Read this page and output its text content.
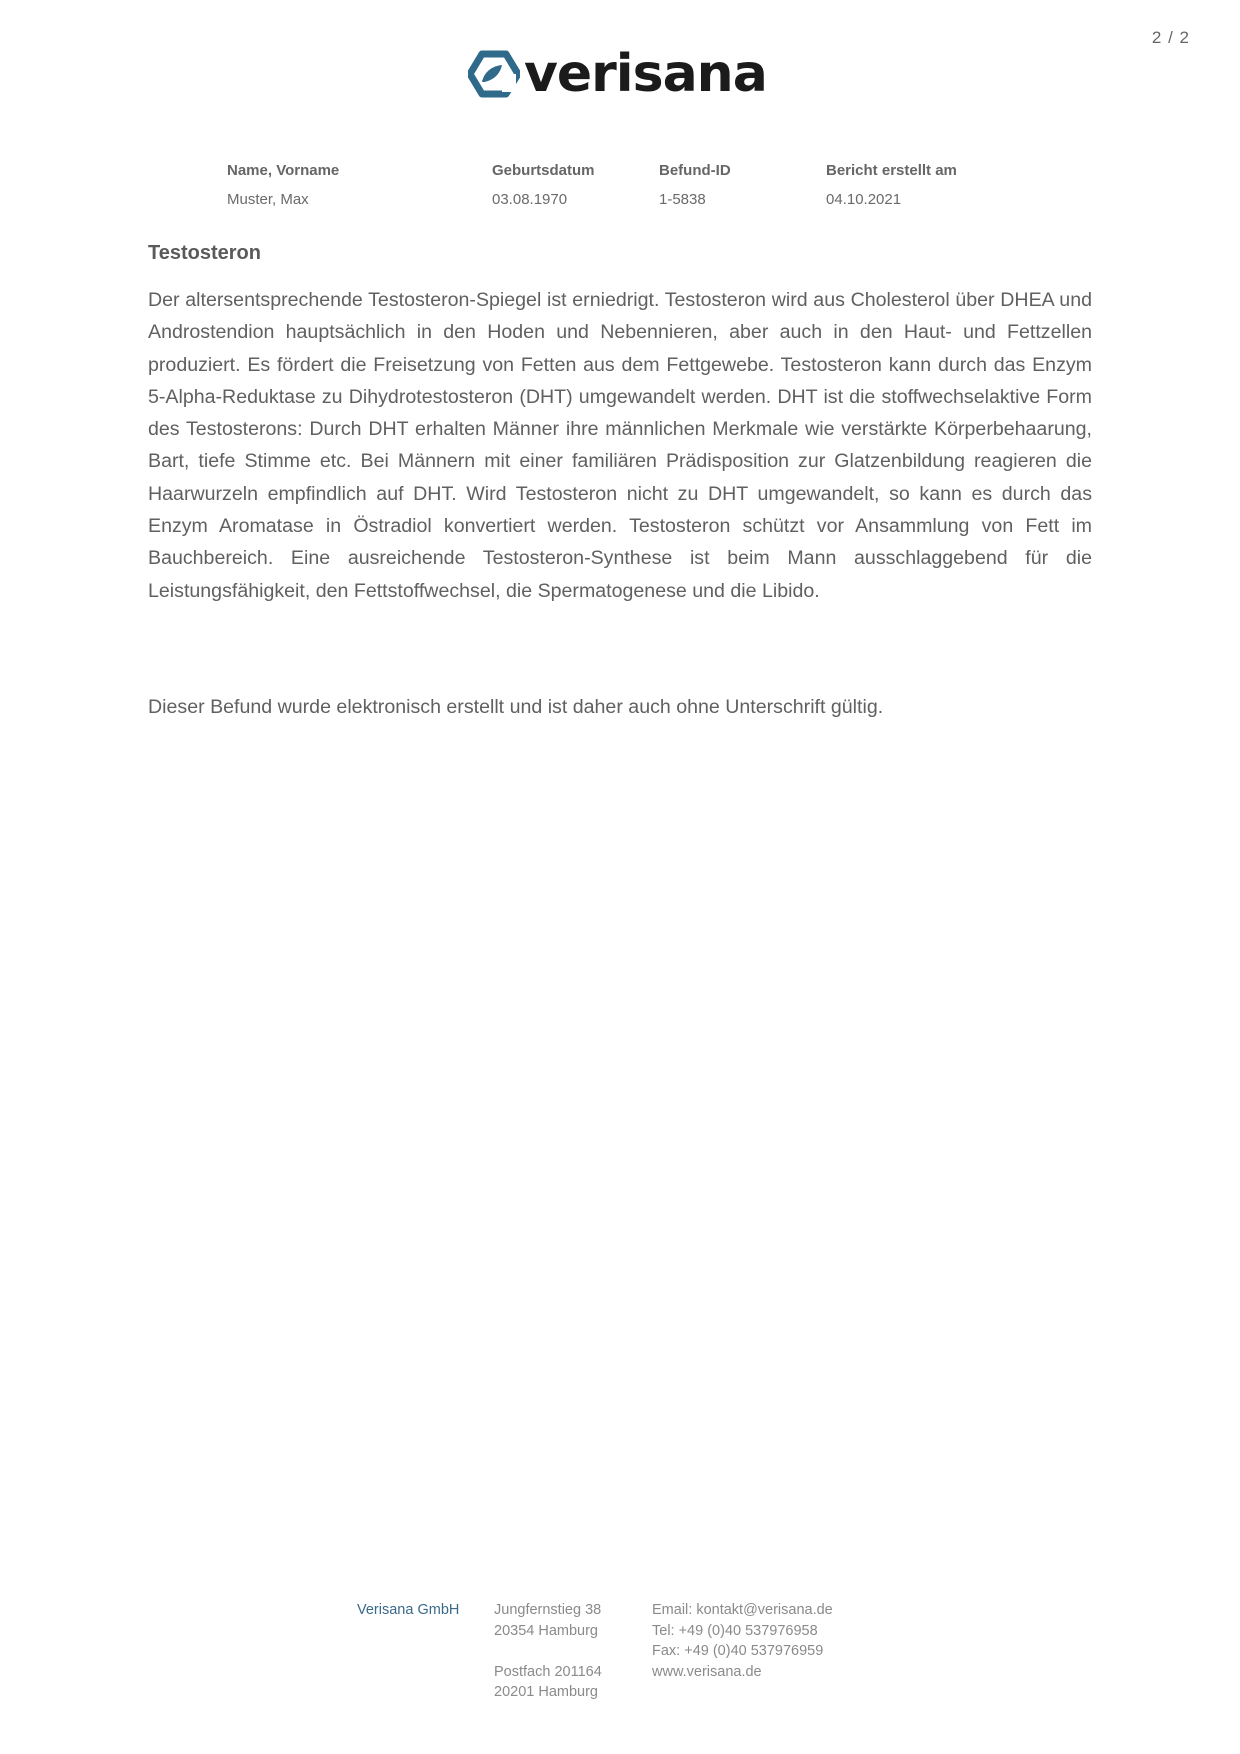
2 / 2
verisana
Name, Vorname
Muster, Max
Geburtsdatum
03.08.1970
Befund-ID
1-5838
Bericht erstellt am
04.10.2021
Testosteron

Der altersentsprechende Testosteron-Spiegel ist erniedrigt. Testosteron wird aus Cholesterol über DHEA und Androstendion hauptsächlich in den Hoden und Nebennieren, aber auch in den Haut- und Fettzellen produziert. Es fördert die Freisetzung von Fetten aus dem Fettgewebe. Testosteron kann durch das Enzym 5-Alpha-Reduktase zu Dihydrotestosteron (DHT) umgewandelt werden. DHT ist die stoffwechselaktive Form des Testosterons: Durch DHT erhalten Männer ihre männlichen Merkmale wie verstärkte Körperbehaarung, Bart, tiefe Stimme etc. Bei Männern mit einer familiären Prädisposition zur Glatzenbildung reagieren die Haarwurzeln empfindlich auf DHT. Wird Testosteron nicht zu DHT umgewandelt, so kann es durch das Enzym Aromatase in Östradiol konvertiert werden. Testosteron schützt vor Ansammlung von Fett im Bauchbereich. Eine ausreichende Testosteron-Synthese ist beim Mann ausschlaggebend für die Leistungsfähigkeit, den Fettstoffwechsel, die Spermatogenese und die Libido.

Dieser Befund wurde elektronisch erstellt und ist daher auch ohne Unterschrift gültig.

Verisana GmbH Jungfernstieg 38
20354 Hamburg
Postfach 201164
20201 Hamburg
Email: kontakt@verisana.de
Tel: +49 (0)40 537976958
Fax: +49 (0)40 537976959
www.verisana.de
